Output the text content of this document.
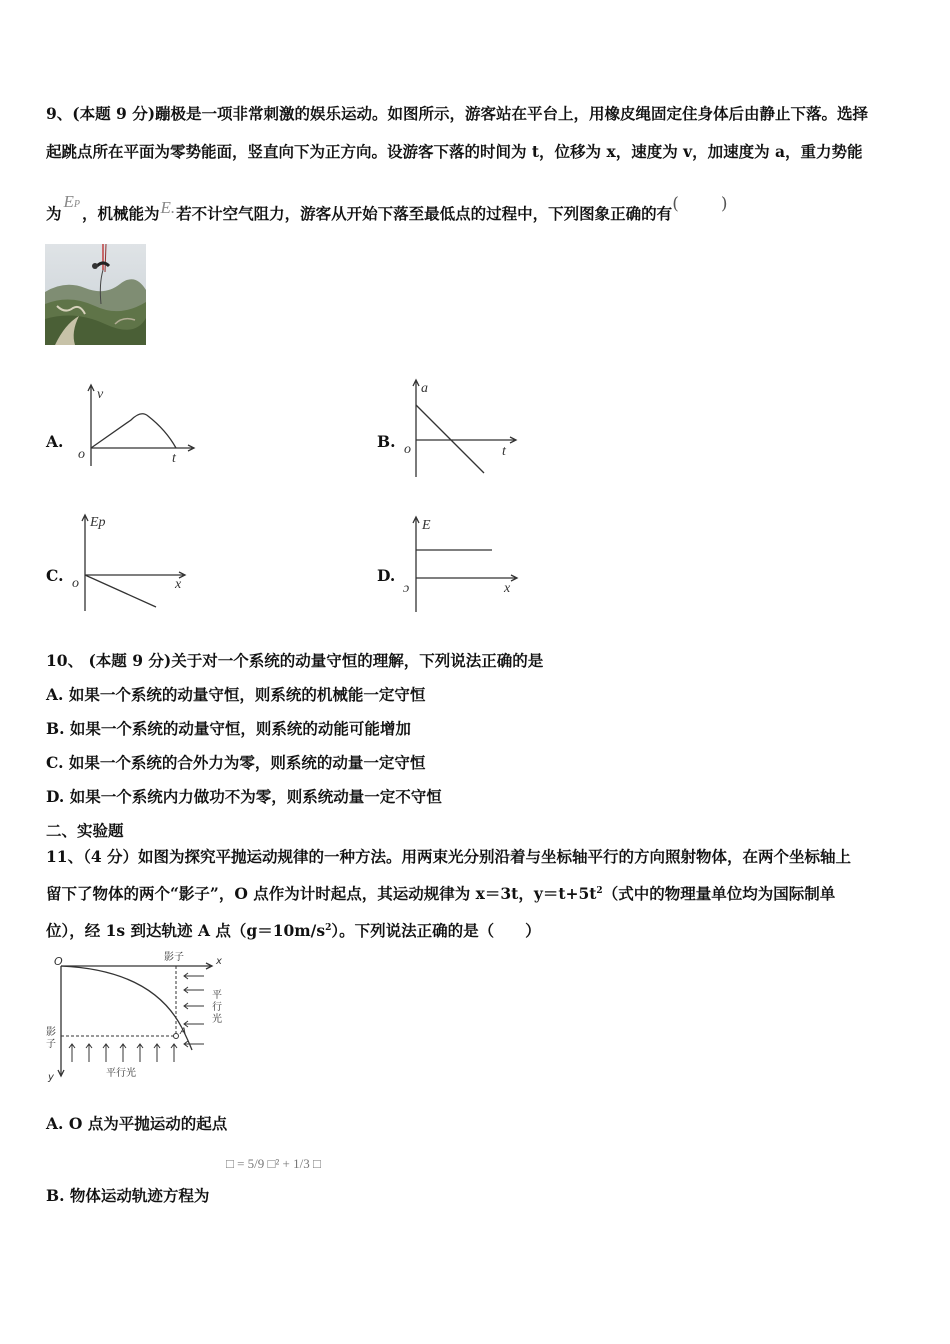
9、(本题 9 分)蹦极是一项非常刺激的娱乐运动。如图所示，游客站在平台上，用橡皮绳固定住身体后由静止下落。选择
起跳点所在平面为零势能面，竖直向下为正方向。设游客下落的时间为 t，位移为 x，速度为 v，加速度为 a，重力势能
为EP ，机械能为E.若不计空气阻力，游客从开始下落至最低点的过程中，下列图象正确的有( )
A.
v
t
o
B.
a
t
o
C.
Ep
x
o	D.
E
x
ɔ
10、 (本题 9 分)关于对一个系统的动量守恒的理解，下列说法正确的是
A. 如果一个系统的动量守恒，则系统的机械能一定守恒
B. 如果一个系统的动量守恒，则系统的动能可能增加
C. 如果一个系统的合外力为零，则系统的动量一定守恒
D. 如果一个系统内力做功不为零，则系统动量一定不守恒
二、实验题
11、（4 分）如图为探究平抛运动规律的一种方法。用两束光分别沿着与坐标轴平行的方向照射物体，在两个坐标轴上
留下了物体的两个“影子”，O 点作为计时起点，其运动规律为 x＝3t，$y=t+5t^2$（式中的物理量单位均为国际制单
位），经 1s 到达轨迹 A 点$(g=10m/s^2)$。下列说法正确的是（　　）
O	x
y
影子
影
子
平
行
光
平行光
A
A. O 点为平抛运动的起点
□ = 5/9 □² + 1/3 □
B. 物体运动轨迹方程为
